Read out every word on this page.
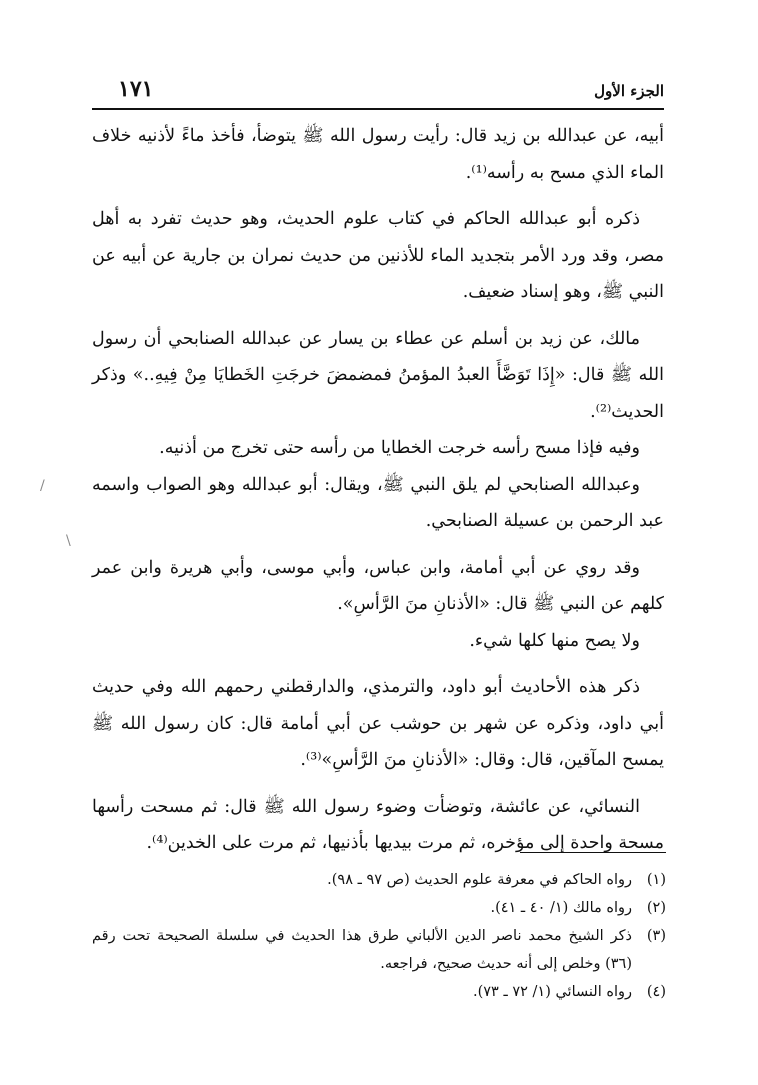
١٧١	الجزء الأول

أبيه، عن عبدالله بن زيد قال: رأيت رسول الله ﷺ يتوضأ، فأخذ ماءً لأذنيه خلاف الماء الذي مسح به رأسه⁽¹⁾.

ذكره أبو عبدالله الحاكم في كتاب علوم الحديث، وهو حديث تفرد به أهل مصر، وقد ورد الأمر بتجديد الماء للأذنين من حديث نمران بن جارية عن أبيه عن النبي ﷺ، وهو إسناد ضعيف.

مالك، عن زيد بن أسلم عن عطاء بن يسار عن عبدالله الصنابحي أن رسول الله ﷺ قال: «إِذَا تَوَضَّأَ العبدُ المؤمنُ فمضمضَ خرجَتِ الخَطايَا مِنْ فِيهِ..» وذكر الحديث⁽²⁾.

وفيه فإذا مسح رأسه خرجت الخطايا من رأسه حتى تخرج من أذنيه.

وعبدالله الصنابحي لم يلق النبي ﷺ، ويقال: أبو عبدالله وهو الصواب واسمه عبد الرحمن بن عسيلة الصنابحي.

وقد روي عن أبي أمامة، وابن عباس، وأبي موسى، وأبي هريرة وابن عمر كلهم عن النبي ﷺ قال: «الأذنانِ منَ الرَّأسِ».

ولا يصح منها كلها شيء.

ذكر هذه الأحاديث أبو داود، والترمذي، والدارقطني رحمهم الله وفي حديث أبي داود، وذكره عن شهر بن حوشب عن أبي أمامة قال: كان رسول الله ﷺ يمسح المآقين، قال: وقال: «الأذنانِ منَ الرَّأسِ»⁽³⁾.

النسائي، عن عائشة، وتوضأت وضوء رسول الله ﷺ قال: ثم مسحت رأسها مسحة واحدة إلى مؤخره، ثم مرت بيديها بأذنيها، ثم مرت على الخدين⁽⁴⁾.

/
\
(١)
رواه الحاكم في معرفة علوم الحديث (ص ٩٧ ـ ٩٨).
(٢)
رواه مالك (١/ ٤٠ ـ ٤١).
(٣)
ذكر الشيخ محمد ناصر الدين الألباني طرق هذا الحديث في سلسلة الصحيحة تحت رقم (٣٦) وخلص إلى أنه حديث صحيح، فراجعه.
(٤)
رواه النسائي (١/ ٧٢ ـ ٧٣).
